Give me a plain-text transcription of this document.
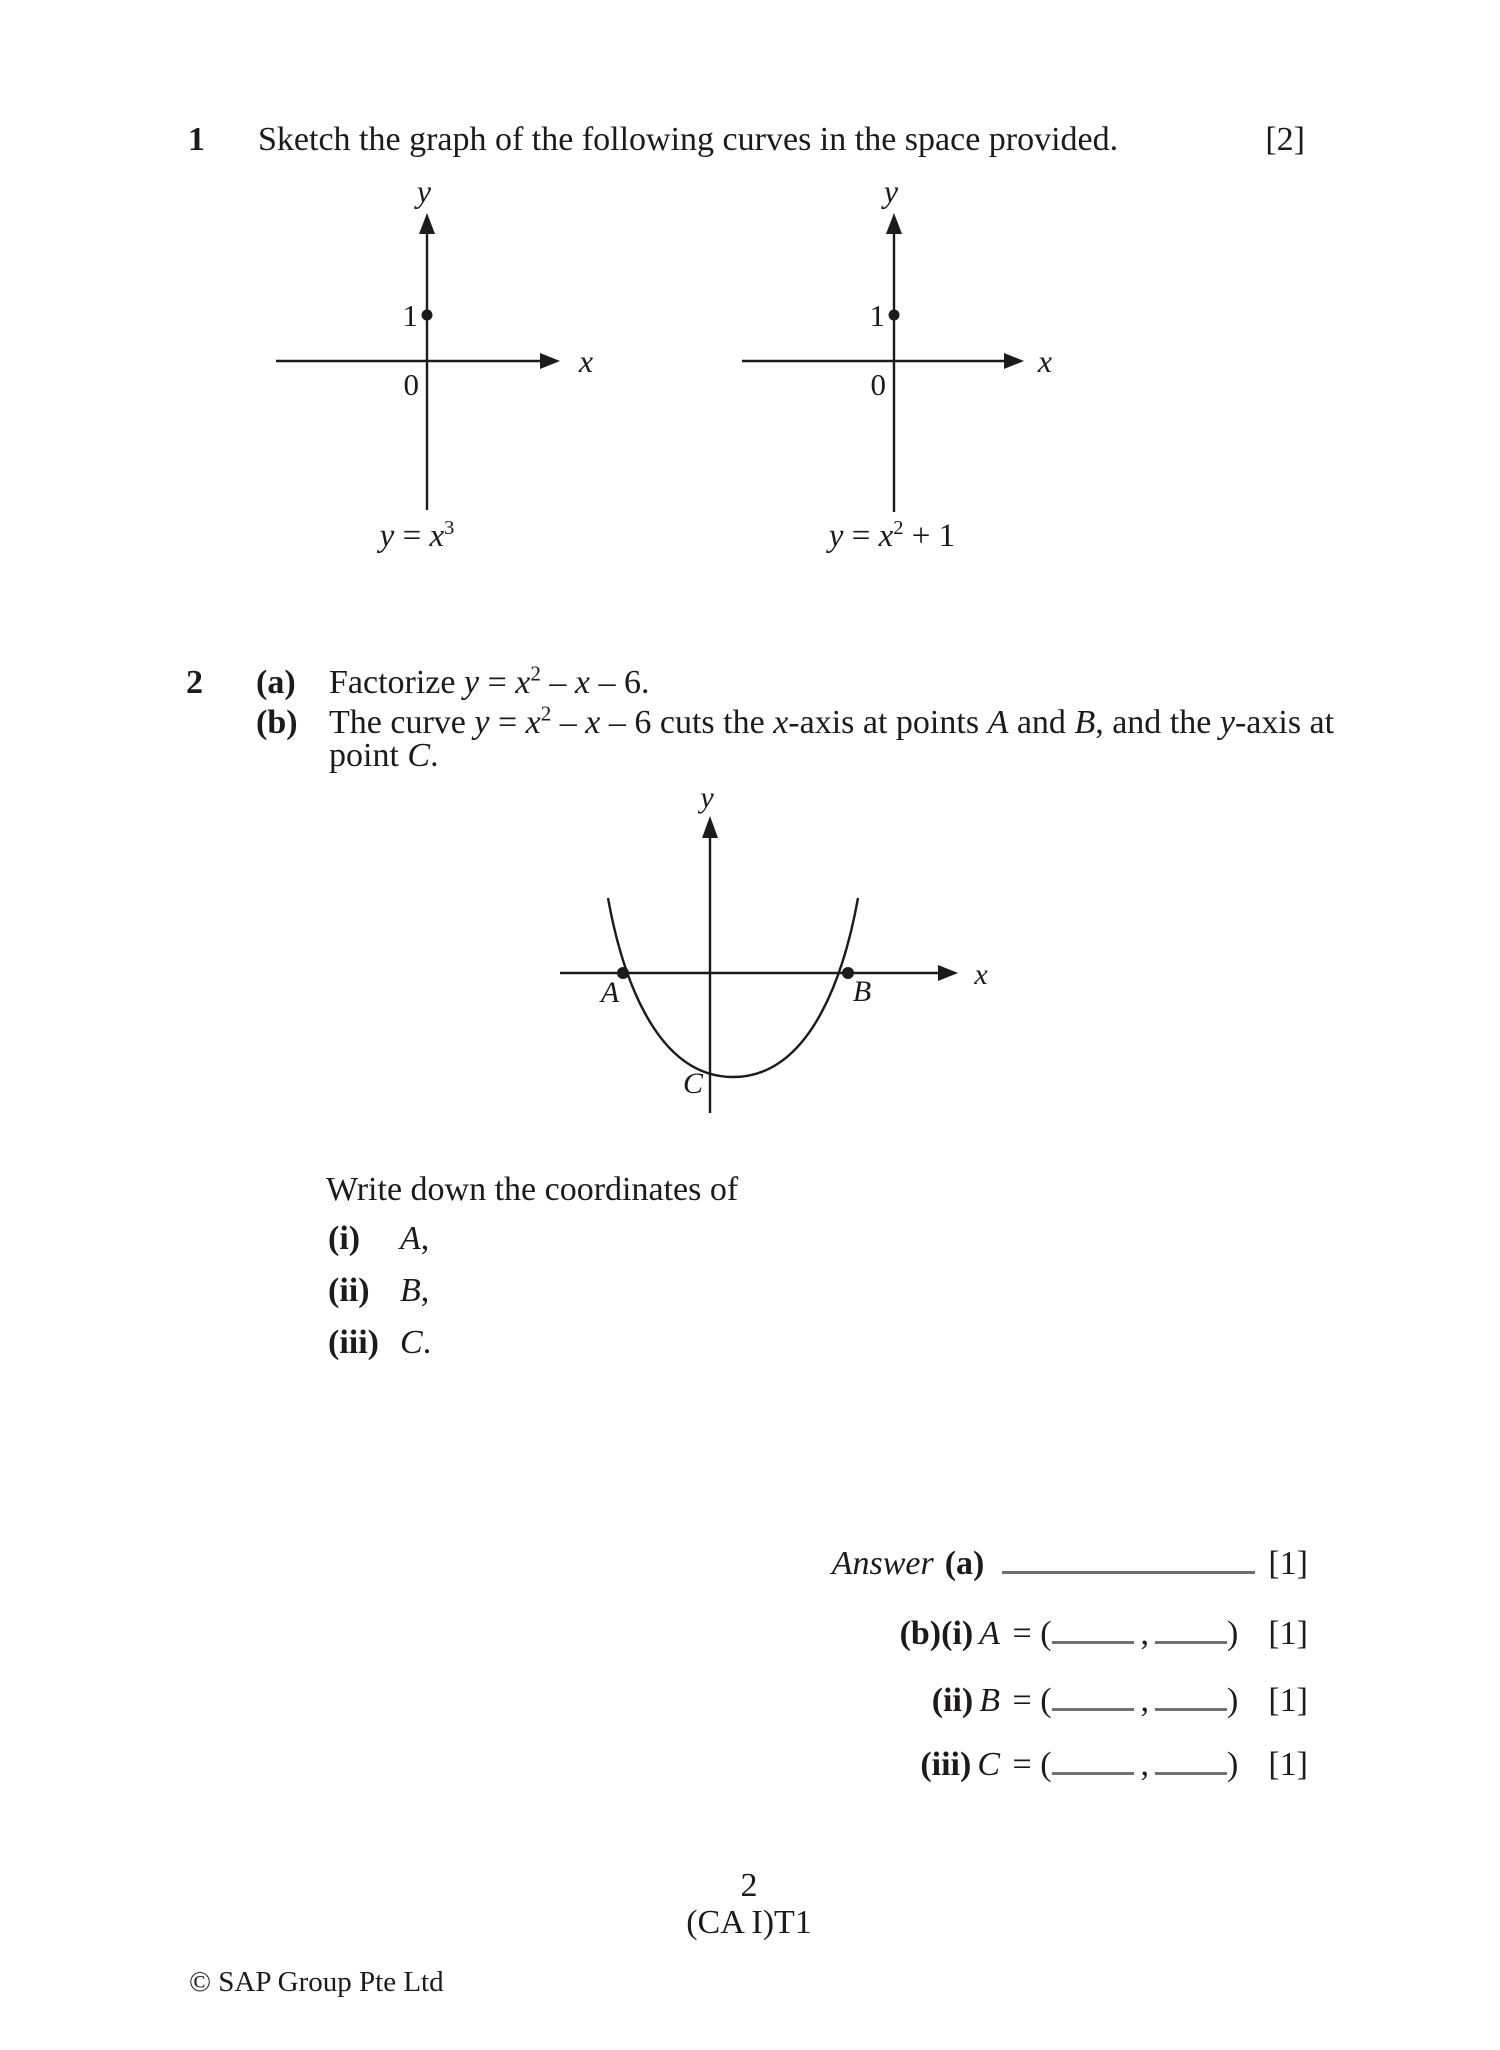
1 Sketch the graph of the following curves in the space provided.	[2]
y
x
1
0
y
x
1
0
$y = x^3$	$y = x^2 + 1$
2 (a) Factorize $y = x^2 - x - 6$.
(b) The curve $y = x^2 - x - 6$ cuts the x-axis at points A and B, and the y-axis at
point C.
y
x
A	B
C
Write down the coordinates of
(i) A,
(ii) B,
(iii) C.
Answer (a)	[1]
(b)(i) A = (	, ) [1]
(ii) B = (	, ) [1]
(iii) C = (	, ) [1]
2
(CA I)T1
© SAP Group Pte Ltd
